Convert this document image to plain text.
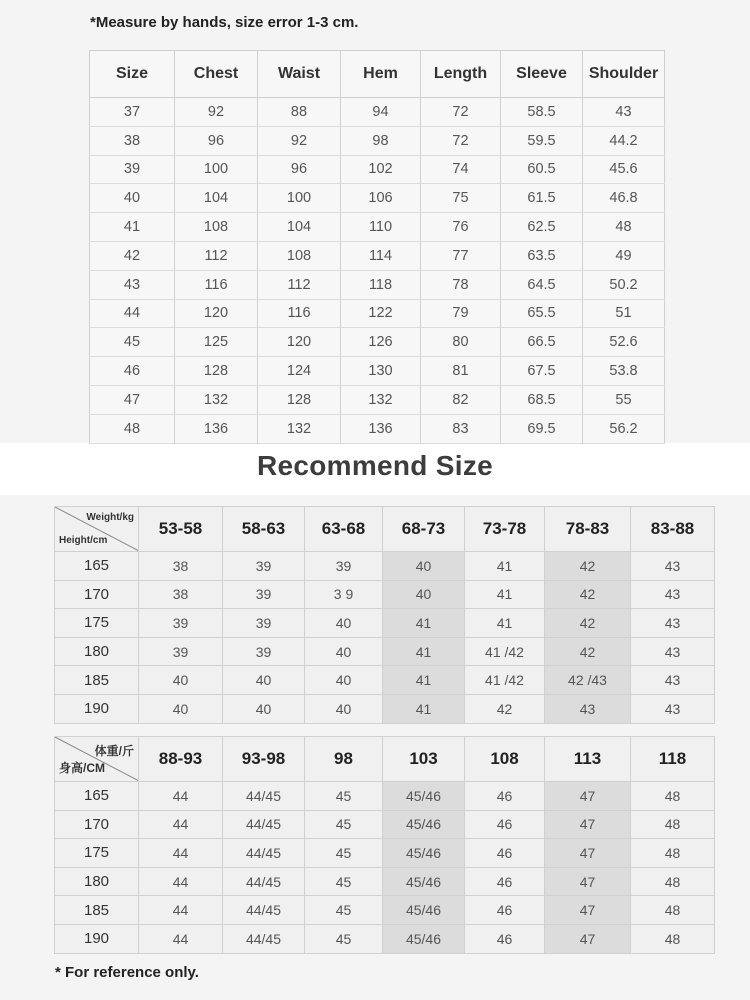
*Measure by hands, size error 1-3 cm.
Size	Chest	Waist	Hem	Length	Sleeve	Shoulder
37	92	88	94	72	58.5	43
38	96	92	98	72	59.5	44.2
39	100	96	102	74	60.5	45.6
40	104	100	106	75	61.5	46.8
41	108	104	110	76	62.5	48
42	112	108	114	77	63.5	49
43	116	112	118	78	64.5	50.2
44	120	116	122	79	65.5	51
45	125	120	126	80	66.5	52.6
46	128	124	130	81	67.5	53.8
47	132	128	132	82	68.5	55
48	136	132	136	83	69.5	56.2
Recommend Size
Weight/kg
Height/cm	53-58	58-63	63-68	68-73	73-78	78-83	83-88
165	38	39	39	40	41	42	43
170	38	39	3 9	40	41	42	43
175	39	39	40	41	41	42	43
180	39	39	40	41	41 /42	42	43
185	40	40	40	41	41 /42	42 /43	43
190	40	40	40	41	42	43	43
体重/斤
身高/CM	88-93	93-98	98	103	108	113	118
165	44	44/45	45	45/46	46	47	48
170	44	44/45	45	45/46	46	47	48
175	44	44/45	45	45/46	46	47	48
180	44	44/45	45	45/46	46	47	48
185	44	44/45	45	45/46	46	47	48
190	44	44/45	45	45/46	46	47	48
* For reference only.
